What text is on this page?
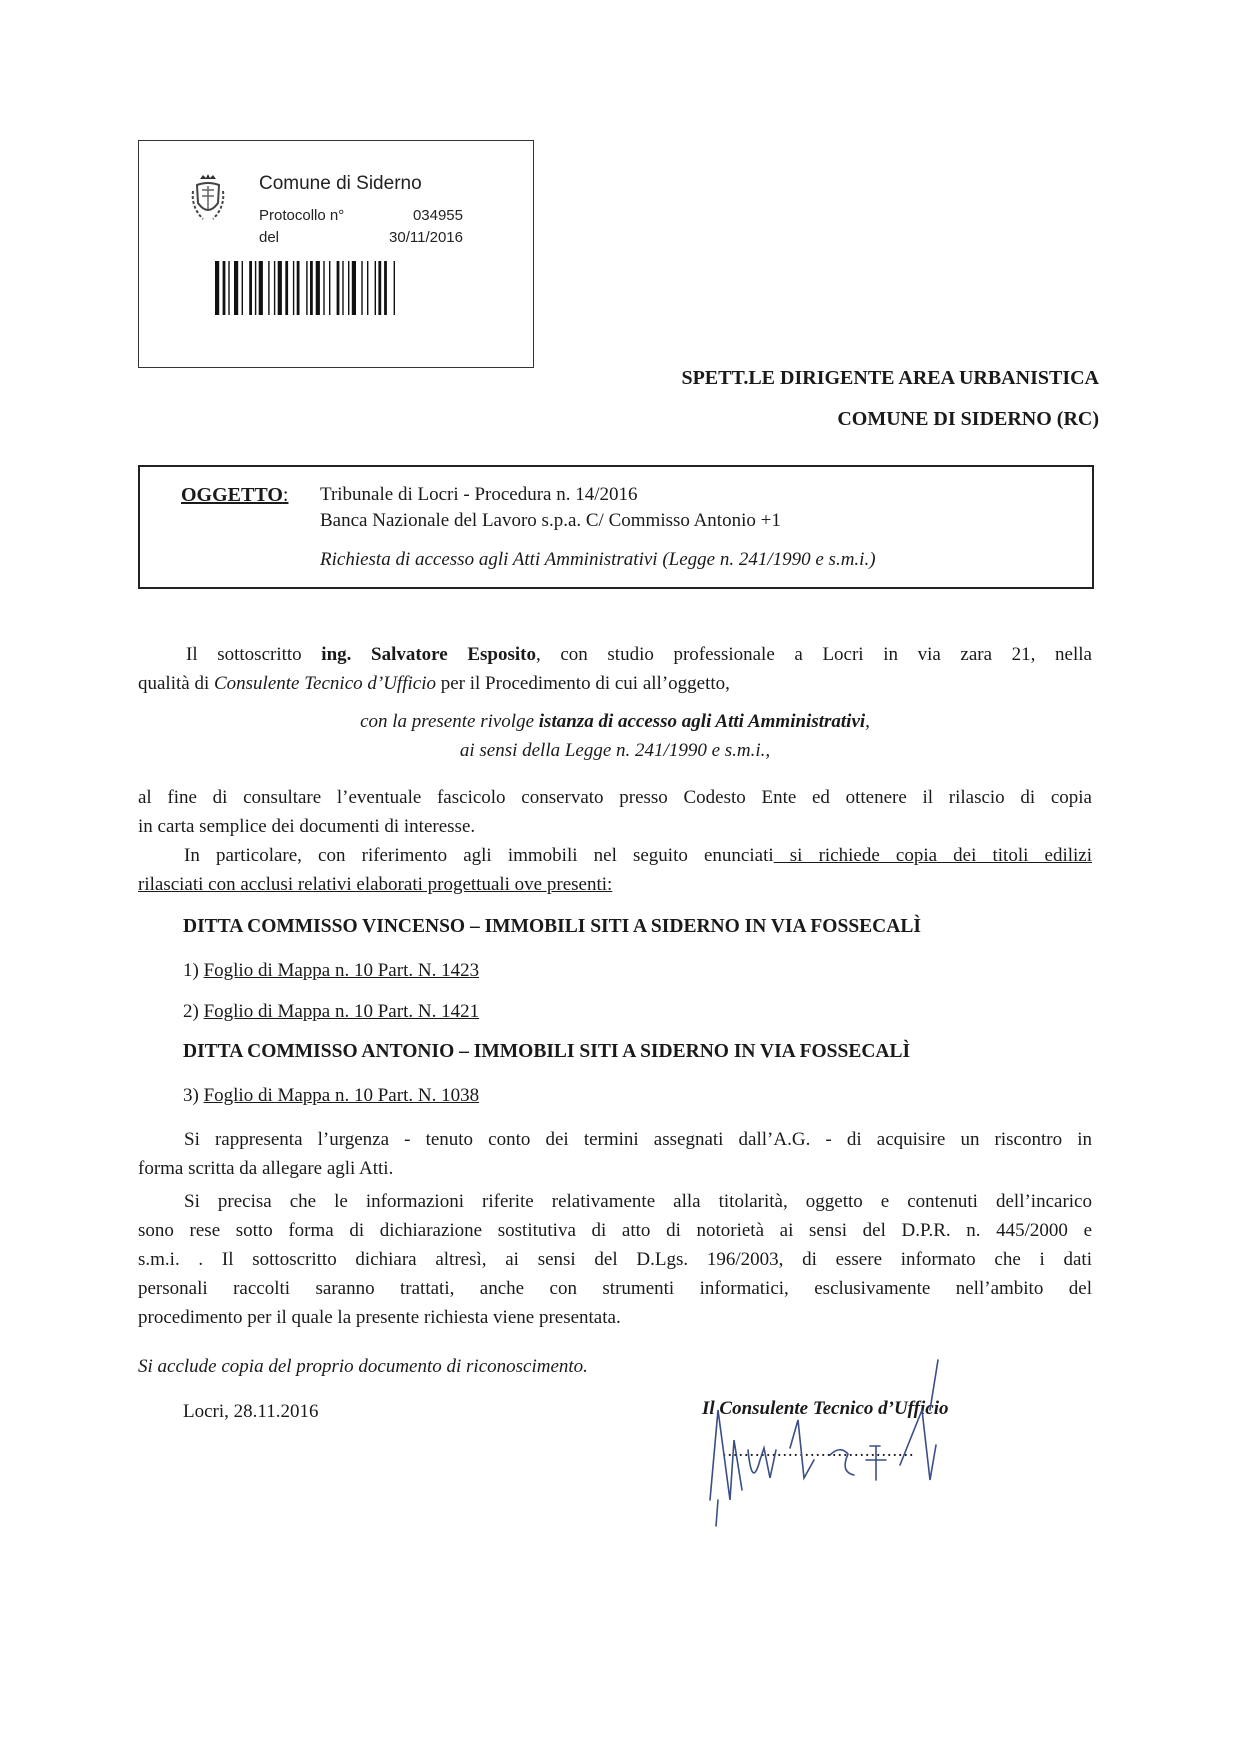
Comune di Siderno
Protocollo n°	034955
del	30/11/2016
SPETT.LE DIRIGENTE AREA URBANISTICA
COMUNE DI SIDERNO (RC)
OGGETTO: Tribunale di Locri - Procedura n. 14/2016
Banca Nazionale del Lavoro s.p.a. C/ Commisso Antonio +1
Richiesta di accesso agli Atti Amministrativi (Legge n. 241/1990 e s.m.i.)
Il sottoscritto ing. Salvatore Esposito, con studio professionale a Locri in via zara 21, nella
qualità di Consulente Tecnico d’Ufficio per il Procedimento di cui all’oggetto,
con la presente rivolge istanza di accesso agli Atti Amministrativi,
ai sensi della Legge n. 241/1990 e s.m.i.,
al fine di consultare l’eventuale fascicolo conservato presso Codesto Ente ed ottenere il rilascio di copia
in carta semplice dei documenti di interesse.
In particolare, con riferimento agli immobili nel seguito enunciati si richiede copia dei titoli edilizi
rilasciati con acclusi relativi elaborati progettuali ove presenti:
DITTA COMMISSO VINCENSO – IMMOBILI SITI A SIDERNO IN VIA FOSSECALÌ
1) Foglio di Mappa n. 10 Part. N. 1423
2) Foglio di Mappa n. 10 Part. N. 1421
DITTA COMMISSO ANTONIO – IMMOBILI SITI A SIDERNO IN VIA FOSSECALÌ
3) Foglio di Mappa n. 10 Part. N. 1038
Si rappresenta l’urgenza - tenuto conto dei termini assegnati dall’A.G. - di acquisire un riscontro in
forma scritta da allegare agli Atti.
Si precisa che le informazioni riferite relativamente alla titolarità, oggetto e contenuti dell’incarico
sono rese sotto forma di dichiarazione sostitutiva di atto di notorietà ai sensi del D.P.R. n. 445/2000 e
s.m.i. . Il sottoscritto dichiara altresì, ai sensi del D.Lgs. 196/2003, di essere informato che i dati
personali raccolti saranno trattati, anche con strumenti informatici, esclusivamente nell’ambito del
procedimento per il quale la presente richiesta viene presentata.
Si acclude copia del proprio documento di riconoscimento.
Locri, 28.11.2016	Il Consulente Tecnico d’Ufficio
...................................
